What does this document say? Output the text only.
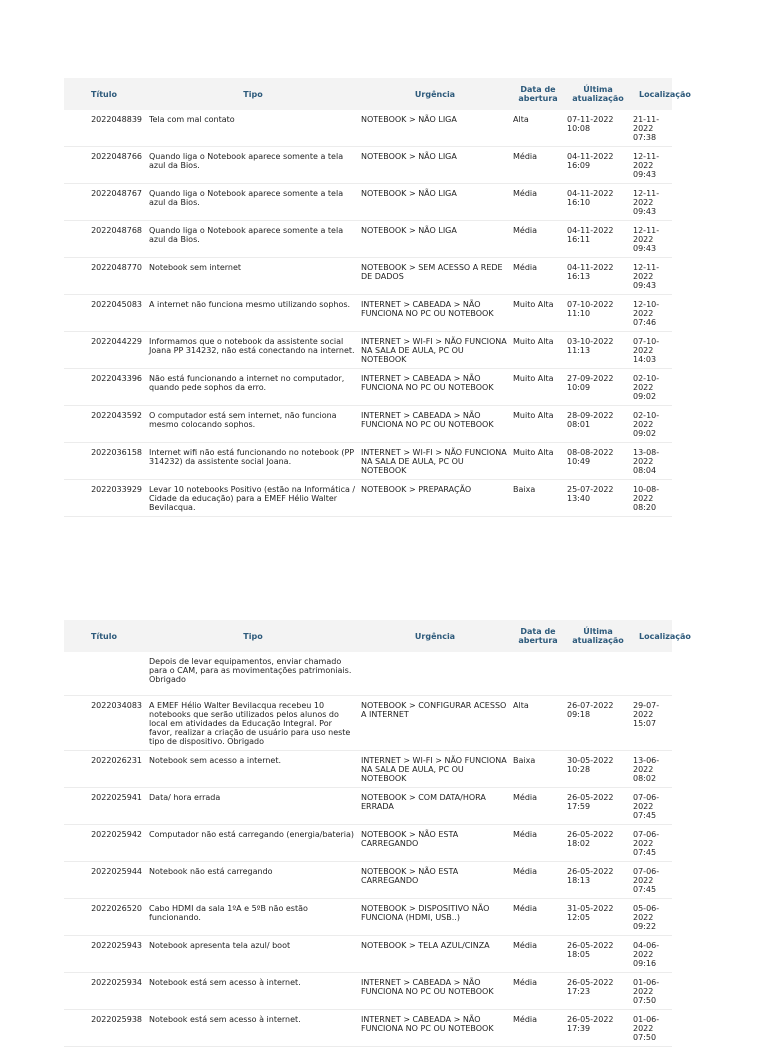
Título	Tipo	Urgência	Data de abertura	Última atualização	Localização
2022048839	Tela com mal contato	NOTEBOOK > NÃO LIGA	Alta	07-11-2022 10:08	21-11-2022 07:38
2022048766	Quando liga o Notebook aparece somente a tela azul da Bios.	NOTEBOOK > NÃO LIGA	Média	04-11-2022 16:09	12-11-2022 09:43
2022048767	Quando liga o Notebook aparece somente a tela azul da Bios.	NOTEBOOK > NÃO LIGA	Média	04-11-2022 16:10	12-11-2022 09:43
2022048768	Quando liga o Notebook aparece somente a tela azul da Bios.	NOTEBOOK > NÃO LIGA	Média	04-11-2022 16:11	12-11-2022 09:43
2022048770	Notebook sem internet	NOTEBOOK > SEM ACESSO A REDE DE DADOS	Média	04-11-2022 16:13	12-11-2022 09:43
2022045083	A internet não funciona mesmo utilizando sophos.	INTERNET > CABEADA > NÃO FUNCIONA NO PC OU NOTEBOOK	Muito Alta	07-10-2022 11:10	12-10-2022 07:46
2022044229	Informamos que o notebook da assistente social Joana PP 314232, não está conectando na internet.	INTERNET > WI-FI > NÃO FUNCIONA NA SALA DE AULA, PC OU NOTEBOOK	Muito Alta	03-10-2022 11:13	07-10-2022 14:03
2022043396	Não está funcionando a internet no computador, quando pede sophos da erro.	INTERNET > CABEADA > NÃO FUNCIONA NO PC OU NOTEBOOK	Muito Alta	27-09-2022 10:09	02-10-2022 09:02
2022043592	O computador está sem internet, não funciona mesmo colocando sophos.	INTERNET > CABEADA > NÃO FUNCIONA NO PC OU NOTEBOOK	Muito Alta	28-09-2022 08:01	02-10-2022 09:02
2022036158	Internet wifi não está funcionando no notebook (PP 314232) da assistente social Joana.	INTERNET > WI-FI > NÃO FUNCIONA NA SALA DE AULA, PC OU NOTEBOOK	Muito Alta	08-08-2022 10:49	13-08-2022 08:04
2022033929	Levar 10 notebooks Positivo (estão na Informática / Cidade da educação) para a EMEF Hélio Walter Bevilacqua.	NOTEBOOK > PREPARAÇÃO	Baixa	25-07-2022 13:40	10-08-2022 08:20
Título	Tipo	Urgência	Data de abertura	Última atualização	Localização
	Depois de levar equipamentos, enviar chamado para o CAM, para as movimentações patrimoniais. Obrigado				
2022034083	A EMEF Hélio Walter Bevilacqua recebeu 10 notebooks que serão utilizados pelos alunos do local em atividades da Educação Integral. Por favor, realizar a criação de usuário para uso neste tipo de dispositivo. Obrigado	NOTEBOOK > CONFIGURAR ACESSO A INTERNET	Alta	26-07-2022 09:18	29-07-2022 15:07
2022026231	Notebook sem acesso a internet.	INTERNET > WI-FI > NÃO FUNCIONA NA SALA DE AULA, PC OU NOTEBOOK	Baixa	30-05-2022 10:28	13-06-2022 08:02
2022025941	Data/ hora errada	NOTEBOOK > COM DATA/HORA ERRADA	Média	26-05-2022 17:59	07-06-2022 07:45
2022025942	Computador não está carregando (energia/bateria)	NOTEBOOK > NÃO ESTA CARREGANDO	Média	26-05-2022 18:02	07-06-2022 07:45
2022025944	Notebook não está carregando	NOTEBOOK > NÃO ESTA CARREGANDO	Média	26-05-2022 18:13	07-06-2022 07:45
2022026520	Cabo HDMI da sala 1ºA e 5ºB não estão funcionando.	NOTEBOOK > DISPOSITIVO NÃO FUNCIONA (HDMI, USB..)	Média	31-05-2022 12:05	05-06-2022 09:22
2022025943	Notebook apresenta tela azul/ boot	NOTEBOOK > TELA AZUL/CINZA	Média	26-05-2022 18:05	04-06-2022 09:16
2022025934	Notebook está sem acesso à internet.	INTERNET > CABEADA > NÃO FUNCIONA NO PC OU NOTEBOOK	Média	26-05-2022 17:23	01-06-2022 07:50
2022025938	Notebook está sem acesso à internet.	INTERNET > CABEADA > NÃO FUNCIONA NO PC OU NOTEBOOK	Média	26-05-2022 17:39	01-06-2022 07:50
